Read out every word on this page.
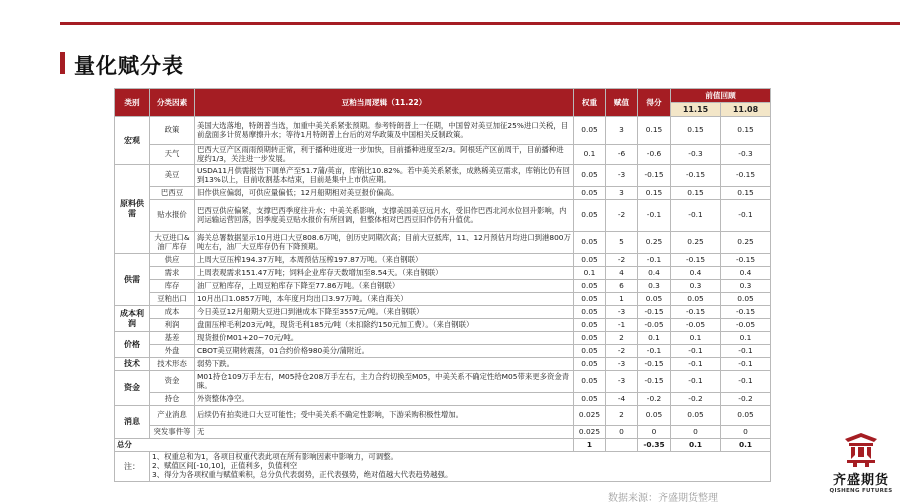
量化赋分表
类别	分类因素	豆粕当周逻辑（11.22）	权重	赋值	得分	前值回顾	
						11.15	11.08
宏观	政策	美国大选落地，特朗普当选，加重中美关系紧张预期。参考特朗普上一任期，中国曾对美豆加征25%进口关税，目前盘面多计贸易摩擦升水；等待1月特朗普上台后的对华政策及中国相关反制政策。	0.05	3	0.15	0.15	0.15
	天气	巴西大豆产区雨雨预期转正常，利于播种进度进一步加快，目前播种进度至2/3。阿根廷产区前周干，目前播种进度约1/3，关注进一步发展。	0.1	-6	-0.6	-0.3	-0.3
原料供需	美豆	USDA11月供需报告下调单产至51.7蒲/英亩，库销比10.82%。若中美关系紧张，成熟稀美豆需求，库销比仍有回到13%以上，目前收割基本结束，目前是集中上市供应期。	0.05	-3	-0.15	-0.15	-0.15
	巴西豆	旧作供应偏弱，可供应量偏低；12月船期相对美豆报价偏高。	0.05	3	0.15	0.15	0.15
	贴水报价	巴西豆供应偏紧，支撑巴西季度往升水；中美关系影响，支撑美国美豆远月水，受旧作巴西北河水位回升影响，内河运输运营回落，因季度美豆贴水报价有所回调，但整体相对巴西豆旧作仍有升值优。	0.05	-2	-0.1	-0.1	-0.1
	大豆进口&油厂库存	海关总署数据显示10月进口大豆808.6万吨，创历史同期次高；目前大豆抵库，11、12月预估月均进口到港800万吨左右，油厂大豆库存仍有下降预期。	0.05	5	0.25	0.25	0.25
供需	供应	上周大豆压榨194.37万吨，本周预估压榨197.87万吨。（来自钢联）	0.05	-2	-0.1	-0.15	-0.15
	需求	上周表观需求151.47万吨；饲料企业库存天数增加至8.54天。（来自钢联）	0.1	4	0.4	0.4	0.4
	库存	油厂豆粕库存，上周豆粕库存下降至77.86万吨。（来自钢联）	0.05	6	0.3	0.3	0.3
	豆粕出口	10月出口1.0857万吨，本年度月均出口3.97万吨。（来自海关）	0.05	1	0.05	0.05	0.05
成本利润	成本	今日美豆12月船期大豆进口到港成本下降至3557元/吨。（来自钢联）	0.05	-3	-0.15	-0.15	-0.15
	利润	盘面压榨毛利203元/吨，现货毛利185元/吨（未扣除约150元加工费）。（来自钢联）	0.05	-1	-0.05	-0.05	-0.05
价格	基差	现货报价M01+20~70元/吨。	0.05	2	0.1	0.1	0.1
	外盘	CBOT美豆期转震荡，01合约价格980美分/蒲附近。	0.05	-2	-0.1	-0.1	-0.1
技术	技术形态	弱势下跌。	0.05	-3	-0.15	-0.1	-0.1
资金	资金	M01持仓109万手左右，M05持仓208万手左右，主力合约切换至M05，中美关系不确定性给M05带来更多资金青睐。	0.05	-3	-0.15	-0.1	-0.1
	持仓	外资整体净空。	0.05	-4	-0.2	-0.2	-0.2
消息	产业消息	后续仍有拍卖进口大豆可能性；受中美关系不确定性影响，下游采购积极性增加。	0.025	2	0.05	0.05	0.05
	突发事件等	无	0.025	0	0	0	0
总分			1		-0.35	0.1	0.1
注：	1、权重总和为1，各项目权重代表此项在所有影响因素中影响力，可调整。
2、赋值区间[-10,10]，正值利多，负值利空
3、得分为各项权重与赋值乘积，总分负代表弱势，正代表强势，绝对值越大代表趋势越强。							齐盛期货
QISHENG FUTURES
数据来源：齐盛期货整理
